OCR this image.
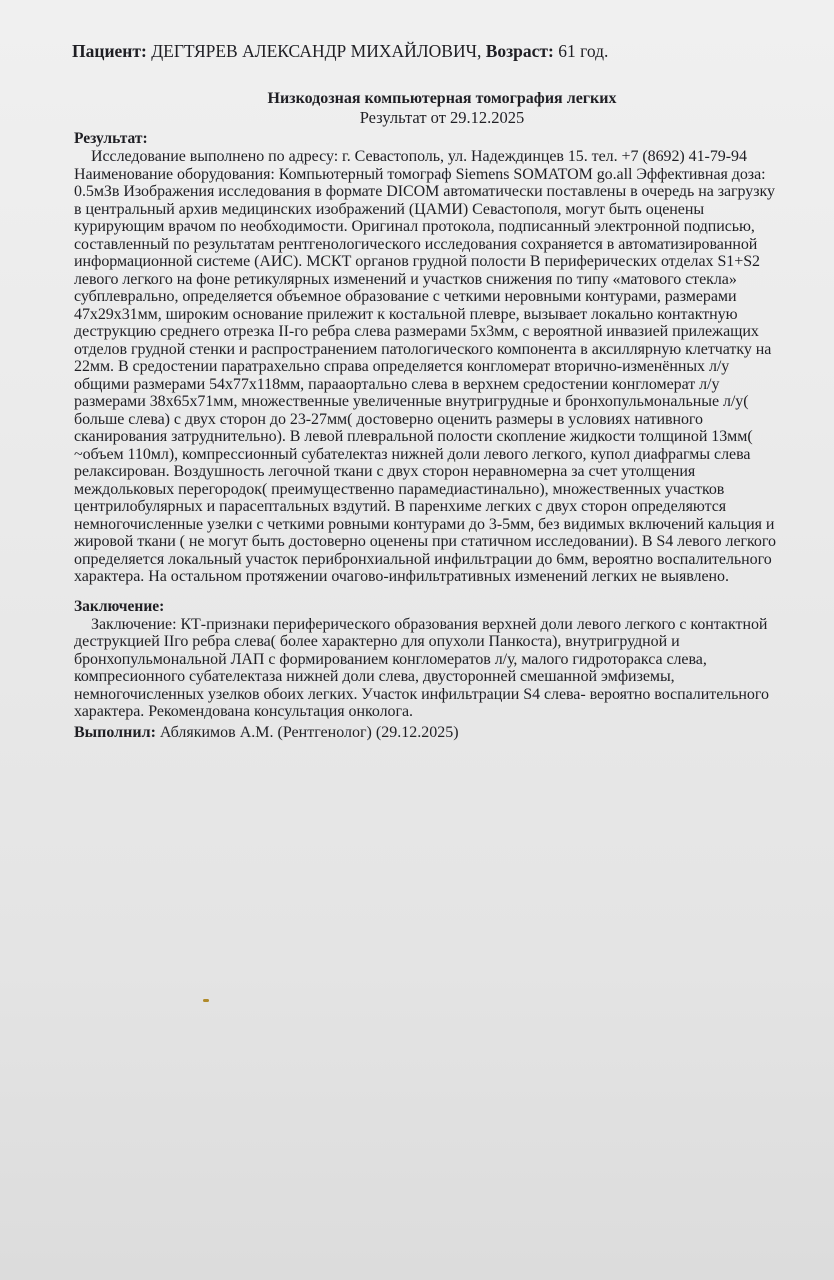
Пациент: ДЕГТЯРЕВ АЛЕКСАНДР МИХАЙЛОВИЧ, Возраст: 61 год.
Низкодозная компьютерная томография легких
Результат от 29.12.2025
Результат:

Исследование выполнено по адресу: г. Севастополь, ул. Надеждинцев 15. тел. +7 (8692) 41-79-94 Наименование оборудования: Компьютерный томограф Siemens SOMATOM go.all Эффективная доза: 0.5мЗв Изображения исследования в формате DICOM автоматически поставлены в очередь на загрузку в центральный архив медицинских изображений (ЦАМИ) Севастополя, могут быть оценены курирующим врачом по необходимости. Оригинал протокола, подписанный электронной подписью, составленный по результатам рентгенологического исследования сохраняется в автоматизированной информационной системе (АИС). МСКТ органов грудной полости В периферических отделах S1+S2 левого легкого на фоне ретикулярных изменений и участков снижения по типу «матового стекла» субплеврально, определяется объемное образование с четкими неровными контурами, размерами 47х29х31мм, широким основание прилежит к костальной плевре, вызывает локально контактную деструкцию среднего отрезка II-го ребра слева размерами 5х3мм, с вероятной инвазией прилежащих отделов грудной стенки и распространением патологического компонента в аксиллярную клетчатку на 22мм. В средостении паратрахельно справа определяется конгломерат вторично-изменённых л/у общими размерами 54х77х118мм, парааортально слева в верхнем средостении конгломерат л/у размерами 38х65х71мм, множественные увеличенные внутригрудные и бронхопульмональные л/у( больше слева) с двух сторон до 23-27мм( достоверно оценить размеры в условиях нативного сканирования затруднительно). В левой плевральной полости скопление жидкости толщиной 13мм( ~объем 110мл), компрессионный субателектаз нижней доли левого легкого, купол диафрагмы слева релаксирован. Воздушность легочной ткани с двух сторон неравномерна за счет утолщения междольковых перегородок( преимущественно парамедиастинально), множественных участков центрилобулярных и парасептальных вздутий. В паренхиме легких с двух сторон определяются немногочисленные узелки с четкими ровными контурами до 3-5мм, без видимых включений кальция и жировой ткани ( не могут быть достоверно оценены при статичном исследовании). В S4 левого легкого определяется локальный участок перибронхиальной инфильтрации до 6мм, вероятно воспалительного характера. На остальном протяжении очагово-инфильтративных изменений легких не выявлено.

Заключение:

Заключение: КТ-признаки периферического образования верхней доли левого легкого с контактной деструкцией IIго ребра слева( более характерно для опухоли Панкоста), внутригрудной и бронхопульмональной ЛАП с формированием конгломератов л/у, малого гидроторакса слева, компресионного субателектаза нижней доли слева, двусторонней смешанной эмфиземы, немногочисленных узелков обоих легких. Участок инфильтрации S4 слева- вероятно воспалительного характера. Рекомендована консультация онколога.

Выполнил: Аблякимов А.М. (Рентгенолог) (29.12.2025)
